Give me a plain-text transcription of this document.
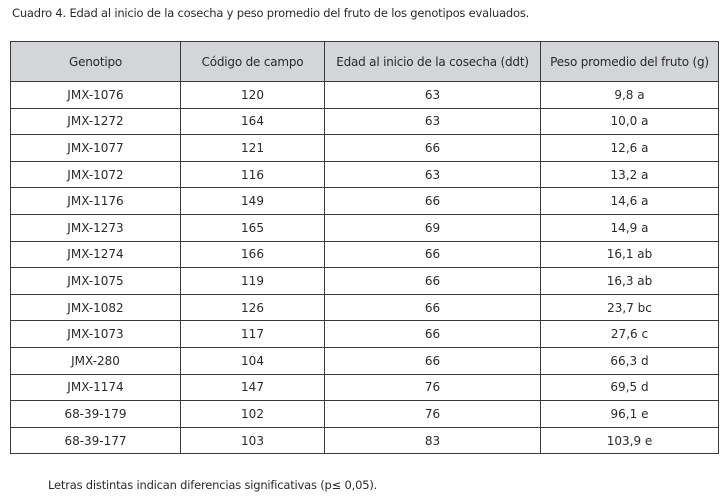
Cuadro 4. Edad al inicio de la cosecha y peso promedio del fruto de los genotipos evaluados.
Genotipo	Código de campo	Edad al inicio de la cosecha (ddt)	Peso promedio del fruto (g)
JMX-1076	120	63	9,8 a
JMX-1272	164	63	10,0 a
JMX-1077	121	66	12,6 a
JMX-1072	116	63	13,2 a
JMX-1176	149	66	14,6 a
JMX-1273	165	69	14,9 a
JMX-1274	166	66	16,1 ab
JMX-1075	119	66	16,3 ab
JMX-1082	126	66	23,7 bc
JMX-1073	117	66	27,6 c
JMX-280	104	66	66,3 d
JMX-1174	147	76	69,5 d
68-39-179	102	76	96,1 e
68-39-177	103	83	103,9 e
Letras distintas indican diferencias significativas (p≤ 0,05).
